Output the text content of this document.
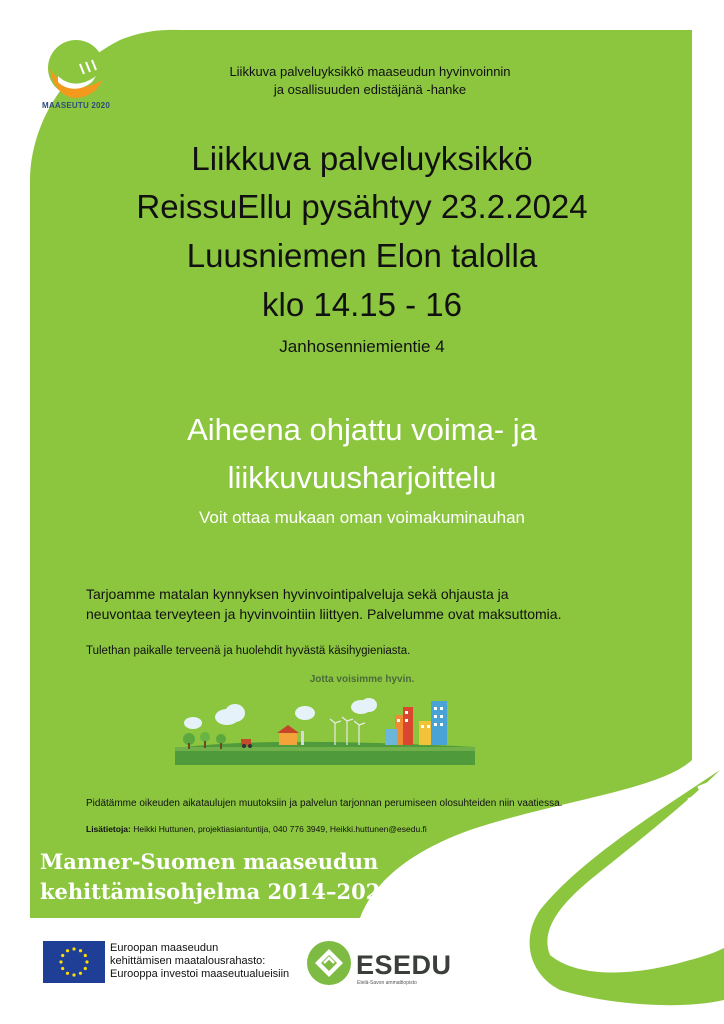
MAASEUTU 2020
Liikkuva palveluyksikkö maaseudun hyvinvoinnin
ja osallisuuden edistäjänä -hanke
Liikkuva palveluyksikkö
ReissuEllu pysähtyy 23.2.2024
Luusniemen Elon talolla
klo 14.15 - 16
Janhosenniemientie 4
Aiheena ohjattu voima- ja
liikkuvuusharjoittelu
Voit ottaa mukaan oman voimakuminauhan
Tarjoamme matalan kynnyksen hyvinvointipalveluja sekä ohjausta ja
neuvontaa terveyteen ja hyvinvointiin liittyen. Palvelumme ovat maksuttomia.
Tulethan paikalle terveenä ja huolehdit hyvästä käsihygieniasta.
Jotta voisimme hyvin.
Pidätämme oikeuden aikataulujen muutoksiin ja palvelun tarjonnan perumiseen olosuhteiden niin vaatiessa.
Lisätietoja: Heikki Huttunen, projektiasiantuntija, 040 776 3949, Heikki.huttunen@esedu.fi
Manner-Suomen maaseudun
kehittämisohjelma 2014–2020
Euroopan maaseudun
kehittämisen maatalousrahasto:
Eurooppa investoi maaseutualueisiin	ESEDU
Etelä-Savon ammattiopisto
